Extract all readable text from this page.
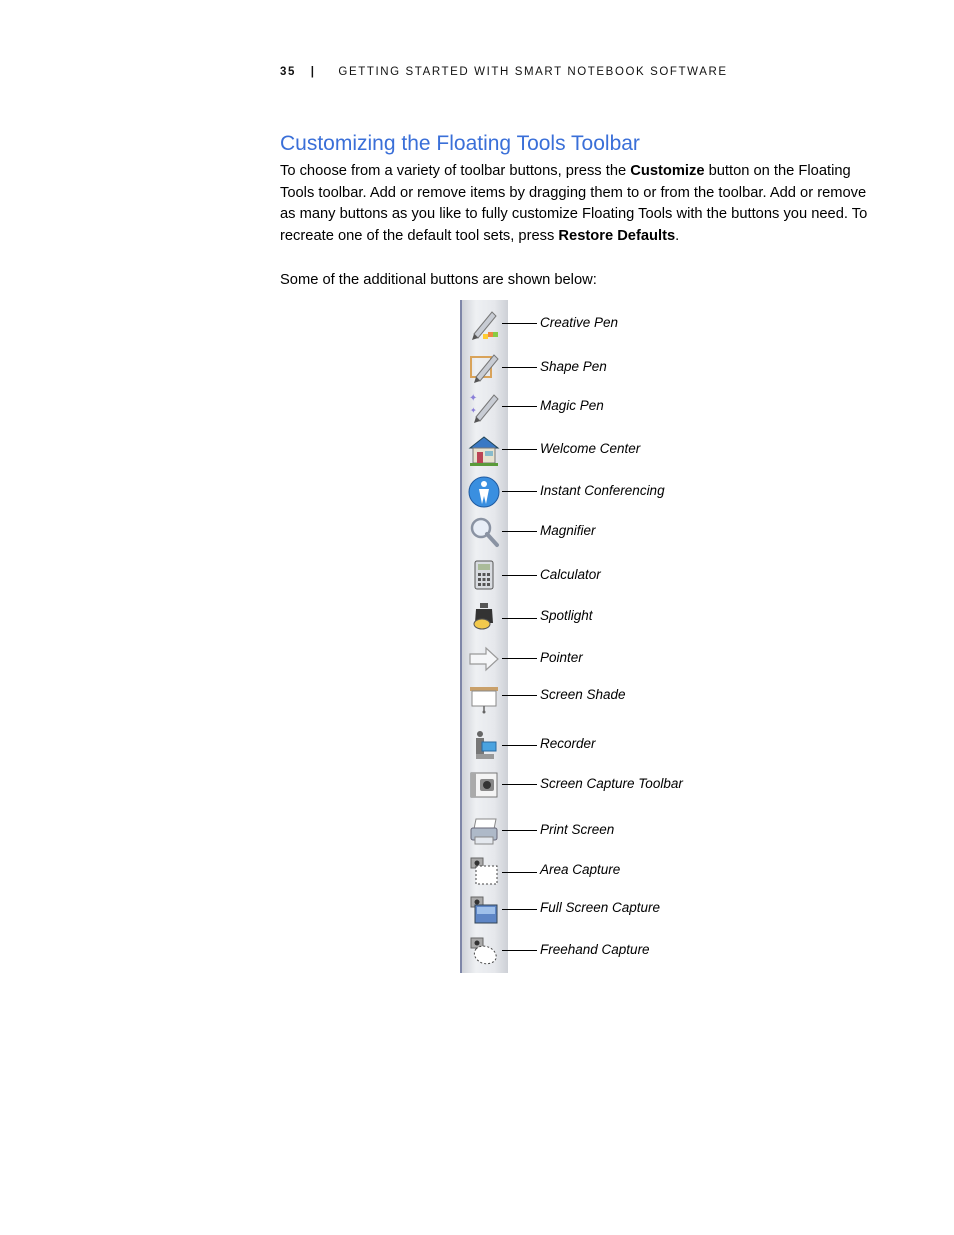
35 | GETTING STARTED WITH SMART NOTEBOOK SOFTWARE
Customizing the Floating Tools Toolbar

To choose from a variety of toolbar buttons, press the Customize button on the Floating Tools toolbar. Add or remove items by dragging them to or from the toolbar. Add or remove as many buttons as you like to fully customize Floating Tools with the buttons you need. To recreate one of the default tool sets, press Restore Defaults.

Some of the additional buttons are shown below:

Creative Pen
Shape Pen
✦
✦	Magic Pen
Welcome Center
Instant Conferencing
Magnifier
Calculator
Spotlight
Pointer
Screen Shade
Recorder
Screen Capture Toolbar
Print Screen
Area Capture
Full Screen Capture
Freehand Capture
